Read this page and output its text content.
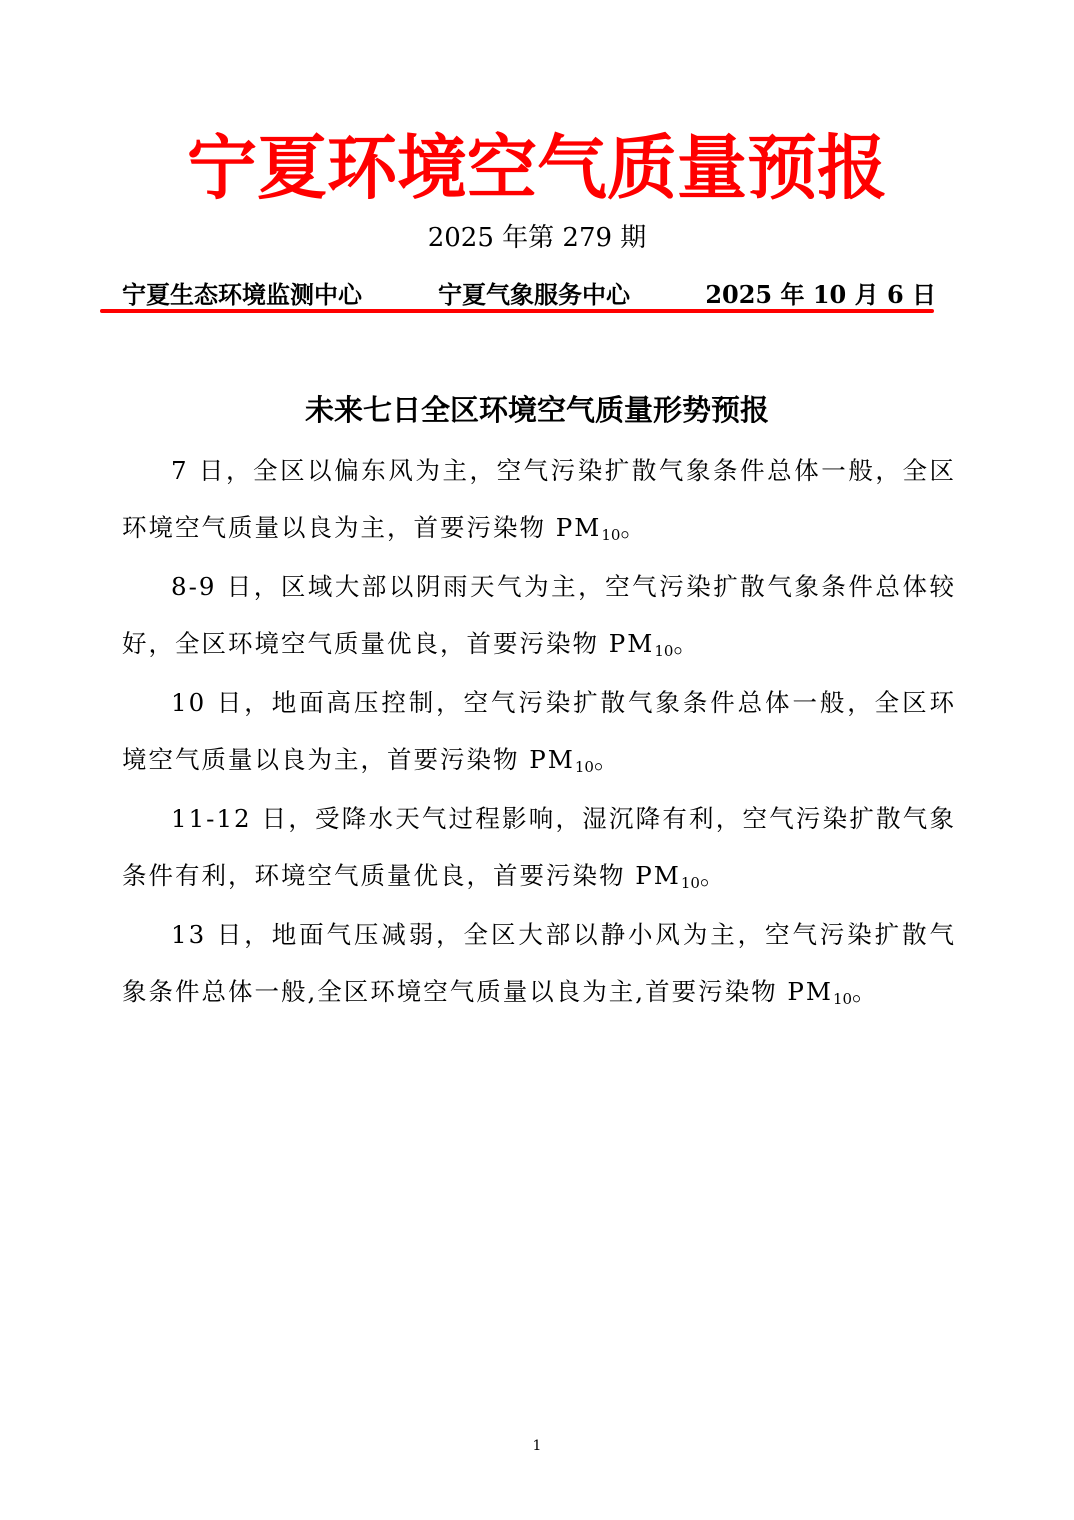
宁夏环境空气质量预报
2025 年第 279 期
宁夏生态环境监测中心	宁夏气象服务中心	2025 年 10 月 6 日
未来七日全区环境空气质量形势预报

7 日，全区以偏东风为主，空气污染扩散气象条件总体一般，全区环境空气质量以良为主，首要污染物 $PM_{10}$。

8-9 日，区域大部以阴雨天气为主，空气污染扩散气象条件总体较好，全区环境空气质量优良，首要污染物 $PM_{10}$。

10 日，地面高压控制，空气污染扩散气象条件总体一般，全区环境空气质量以良为主，首要污染物 $PM_{10}$。

11-12 日，受降水天气过程影响，湿沉降有利，空气污染扩散气象条件有利，环境空气质量优良，首要污染物 $PM_{10}$。

13 日，地面气压减弱，全区大部以静小风为主，空气污染扩散气象条件总体一般,全区环境空气质量以良为主,首要污染物 $PM_{10}$。

1
